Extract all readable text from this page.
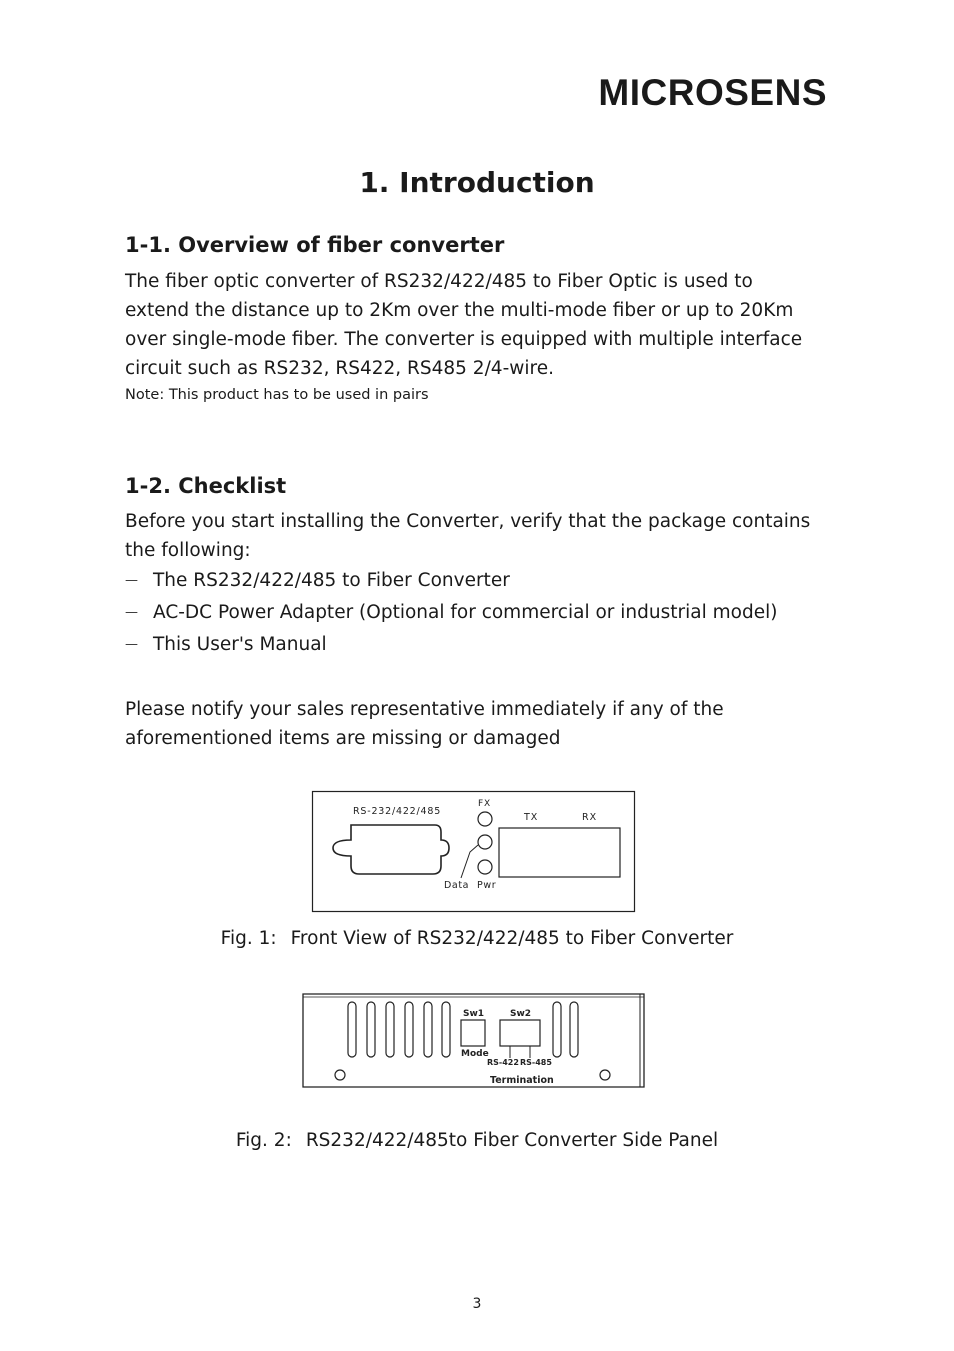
MICROSENS
1. Introduction
1-1. Overview of fiber converter
The fiber optic converter of RS232/422/485 to Fiber Optic is used to
extend the distance up to 2Km over the multi-mode fiber or up to 20Km
over single-mode fiber. The converter is equipped with multiple interface
circuit such as RS232, RS422, RS485 2/4-wire.
Note: This product has to be used in pairs
1-2. Checklist
Before you start installing the Converter, verify that the package contains
the following:
— The RS232/422/485 to Fiber Converter
— AC-DC Power Adapter (Optional for commercial or industrial model)
— This User's Manual
Please notify your sales representative immediately if any of the
aforementioned items are missing or damaged
RS-232/422/485
FX
Data Pwr
TX	RX
Fig. 1: Front View of RS232/422/485 to Fiber Converter
Sw1
Mode
Sw2
RS-422 RS-485
Termination
Fig. 2: RS232/422/485to Fiber Converter Side Panel
3
